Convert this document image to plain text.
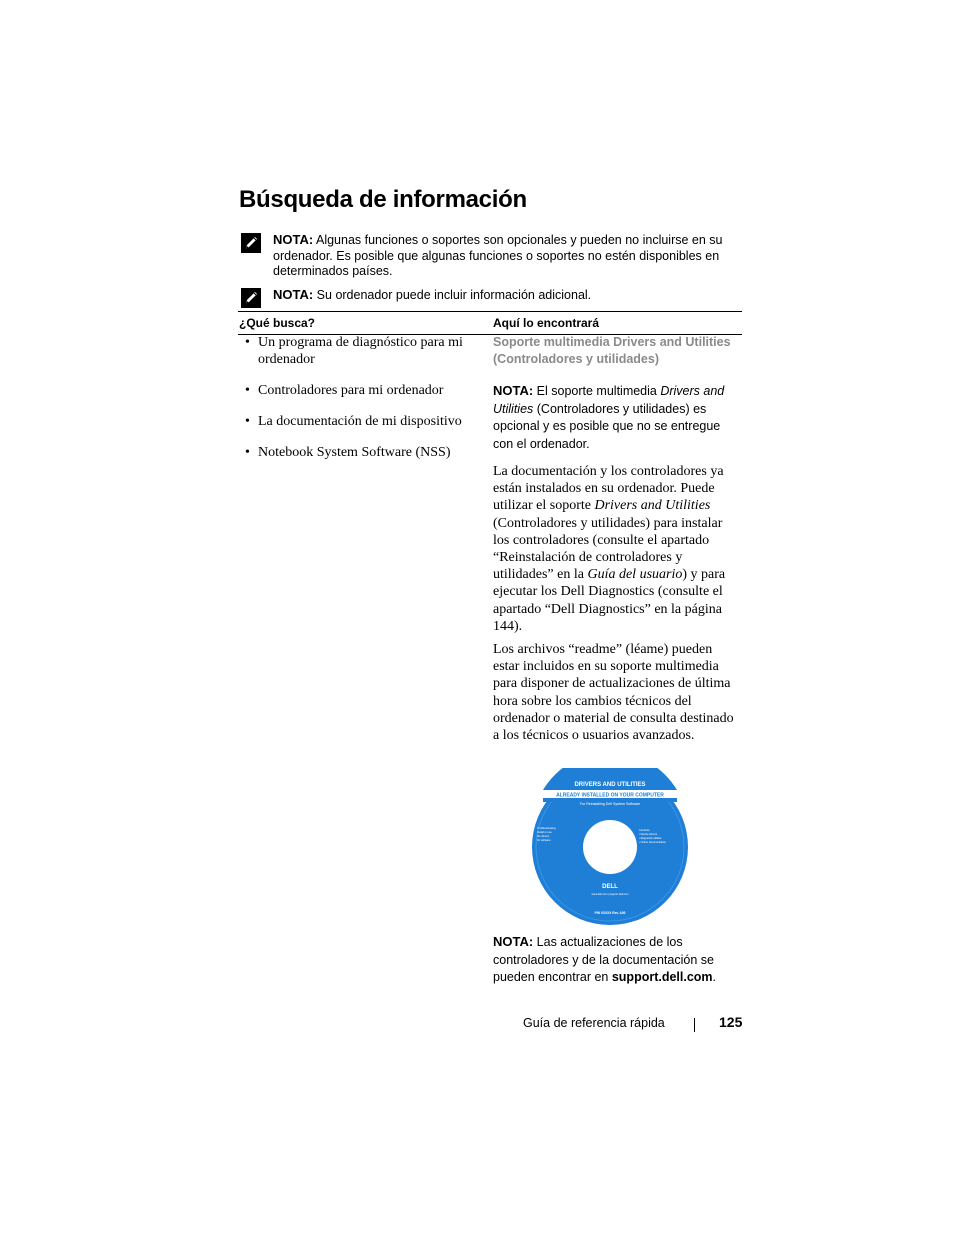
Búsqueda de información
NOTA: Algunas funciones o soportes son opcionales y pueden no incluirse en su ordenador. Es posible que algunas funciones o soportes no estén disponibles en determinados países.
NOTA: Su ordenador puede incluir información adicional.
¿Qué busca?	Aquí lo encontrará
• Un programa de diagnóstico para mi ordenador
• Controladores para mi ordenador
• La documentación de mi dispositivo
• Notebook System Software (NSS)
Soporte multimedia Drivers and Utilities (Controladores y utilidades)
NOTA: El soporte multimedia Drivers and Utilities (Controladores y utilidades) es opcional y es posible que no se entregue con el ordenador.
La documentación y los controladores ya están instalados en su ordenador. Puede utilizar el soporte Drivers and Utilities (Controladores y utilidades) para instalar los controladores (consulte el apartado “Reinstalación de controladores y utilidades” en la Guía del usuario) y para ejecutar los Dell Diagnostics (consulte el apartado “Dell Diagnostics” en la página 144).
Los archivos “readme” (léame) pueden estar incluidos en su soporte multimedia para disponer de actualizaciones de última hora sobre los cambios técnicos del ordenador o material de consulta destinado a los técnicos o usuarios avanzados.
DRIVERS AND UTILITIES
ALREADY INSTALLED ON YOUR COMPUTER
For Reinstalling Dell System Software
Troubleshooting
Install or use
the drivers
for software
Contents:
• Device drivers
• Diagnostic utilities
• Online documentation
DELL
www.dell.com | support.dell.com
P/N XXXXX Rev. A00
NOTA: Las actualizaciones de los controladores y de la documentación se pueden encontrar en support.dell.com.
Guía de referencia rápida	125
